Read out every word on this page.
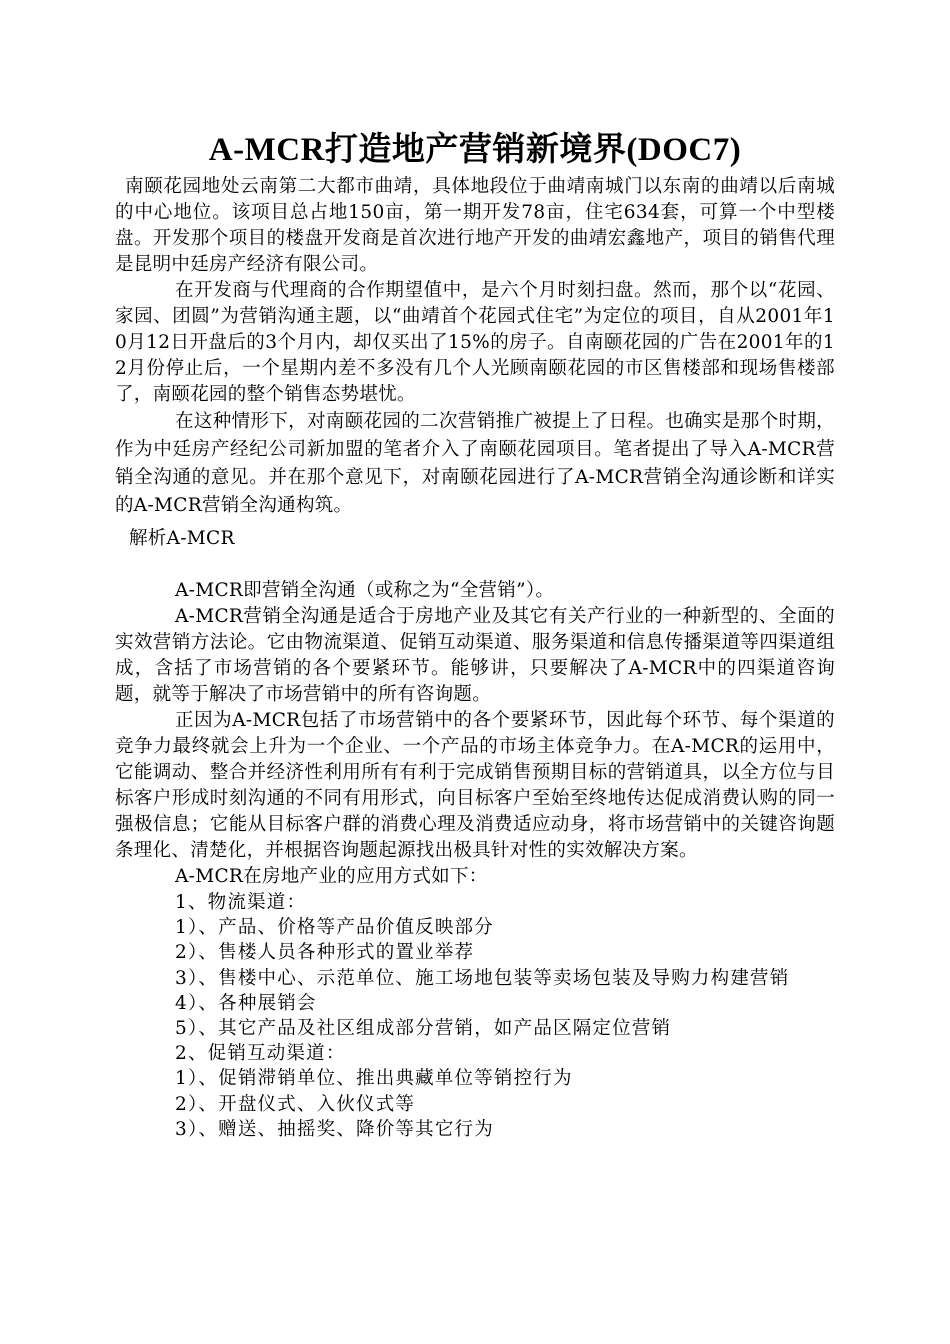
A-MCR打造地产营销新境界(DOC7)

南颐花园地处云南第二大都市曲靖，具体地段位于曲靖南城门以东南的曲靖以后南城的中心地位。该项目总占地150亩，第一期开发78亩，住宅634套，可算一个中型楼盘。开发那个项目的楼盘开发商是首次进行地产开发的曲靖宏鑫地产，项目的销售代理是昆明中廷房产经济有限公司。

在开发商与代理商的合作期望值中，是六个月时刻扫盘。然而，那个以“花园、家园、团圆”为营销沟通主题，以“曲靖首个花园式住宅”为定位的项目，自从2001年10月12日开盘后的3个月内，却仅买出了15%的房子。自南颐花园的广告在2001年的12月份停止后，一个星期内差不多没有几个人光顾南颐花园的市区售楼部和现场售楼部了，南颐花园的整个销售态势堪忧。

在这种情形下，对南颐花园的二次营销推广被提上了日程。也确实是那个时期，作为中廷房产经纪公司新加盟的笔者介入了南颐花园项目。笔者提出了导入A-MCR营销全沟通的意见。并在那个意见下，对南颐花园进行了A-MCR营销全沟通诊断和详实的A-MCR营销全沟通构筑。

解析A-MCR

A-MCR即营销全沟通（或称之为“全营销”）。

A-MCR营销全沟通是适合于房地产业及其它有关产行业的一种新型的、全面的实效营销方法论。它由物流渠道、促销互动渠道、服务渠道和信息传播渠道等四渠道组成，含括了市场营销的各个要紧环节。能够讲，只要解决了A-MCR中的四渠道咨询题，就等于解决了市场营销中的所有咨询题。

正因为A-MCR包括了市场营销中的各个要紧环节，因此每个环节、每个渠道的竞争力最终就会上升为一个企业、一个产品的市场主体竞争力。在A-MCR的运用中，它能调动、整合并经济性利用所有有利于完成销售预期目标的营销道具，以全方位与目标客户形成时刻沟通的不同有用形式，向目标客户至始至终地传达促成消费认购的同一强极信息；它能从目标客户群的消费心理及消费适应动身，将市场营销中的关键咨询题条理化、清楚化，并根据咨询题起源找出极具针对性的实效解决方案。

A-MCR在房地产业的应用方式如下：

1、物流渠道：

1）、产品、价格等产品价值反映部分

2）、售楼人员各种形式的置业举荐

3）、售楼中心、示范单位、施工场地包装等卖场包装及导购力构建营销

4）、各种展销会

5）、其它产品及社区组成部分营销，如产品区隔定位营销

2、促销互动渠道：

1）、促销滞销单位、推出典藏单位等销控行为

2）、开盘仪式、入伙仪式等

3）、赠送、抽摇奖、降价等其它行为
